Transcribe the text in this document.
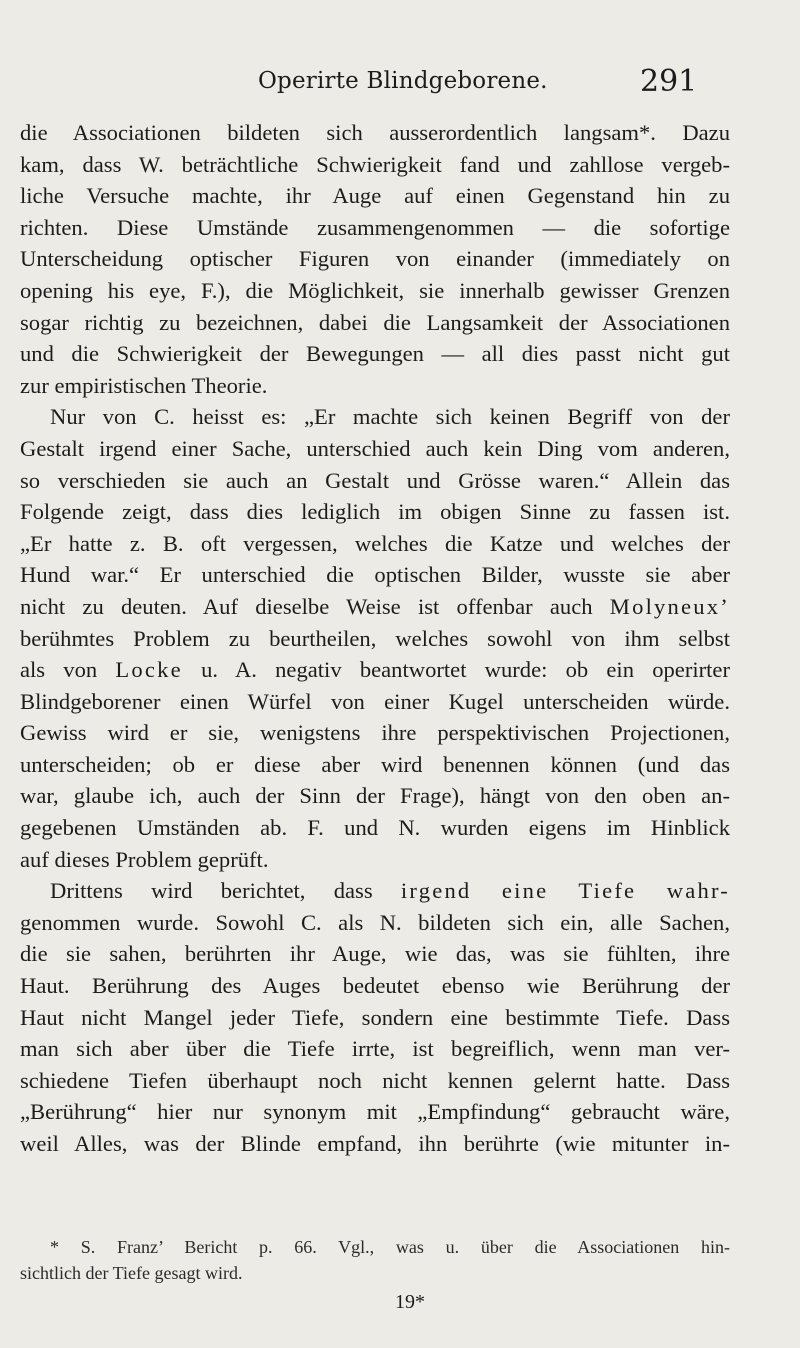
Operirte Blindgeborene.	291
die Associationen bildeten sich ausserordentlich langsam*. Dazu
kam, dass W. beträchtliche Schwierigkeit fand und zahllose vergeb-
liche Versuche machte, ihr Auge auf einen Gegenstand hin zu
richten. Diese Umstände zusammengenommen — die sofortige
Unterscheidung optischer Figuren von einander (immediately on
opening his eye, F.), die Möglichkeit, sie innerhalb gewisser Grenzen
sogar richtig zu bezeichnen, dabei die Langsamkeit der Associationen
und die Schwierigkeit der Bewegungen — all dies passt nicht gut
zur empiristischen Theorie.
Nur von C. heisst es: „Er machte sich keinen Begriff von der
Gestalt irgend einer Sache, unterschied auch kein Ding vom anderen,
so verschieden sie auch an Gestalt und Grösse waren.“ Allein das
Folgende zeigt, dass dies lediglich im obigen Sinne zu fassen ist.
„Er hatte z. B. oft vergessen, welches die Katze und welches der
Hund war.“ Er unterschied die optischen Bilder, wusste sie aber
nicht zu deuten. Auf dieselbe Weise ist offenbar auch Molyneux’
berühmtes Problem zu beurtheilen, welches sowohl von ihm selbst
als von Locke u. A. negativ beantwortet wurde: ob ein operirter
Blindgeborener einen Würfel von einer Kugel unterscheiden würde.
Gewiss wird er sie, wenigstens ihre perspektivischen Projectionen,
unterscheiden; ob er diese aber wird benennen können (und das
war, glaube ich, auch der Sinn der Frage), hängt von den oben an-
gegebenen Umständen ab. F. und N. wurden eigens im Hinblick
auf dieses Problem geprüft.
Drittens wird berichtet, dass irgend eine Tiefe wahr-
genommen wurde. Sowohl C. als N. bildeten sich ein, alle Sachen,
die sie sahen, berührten ihr Auge, wie das, was sie fühlten, ihre
Haut. Berührung des Auges bedeutet ebenso wie Berührung der
Haut nicht Mangel jeder Tiefe, sondern eine bestimmte Tiefe. Dass
man sich aber über die Tiefe irrte, ist begreiflich, wenn man ver-
schiedene Tiefen überhaupt noch nicht kennen gelernt hatte. Dass
„Berührung“ hier nur synonym mit „Empfindung“ gebraucht wäre,
weil Alles, was der Blinde empfand, ihn berührte (wie mitunter in-
* S. Franz’ Bericht p. 66. Vgl., was u. über die Associationen hin-
sichtlich der Tiefe gesagt wird.
19*
